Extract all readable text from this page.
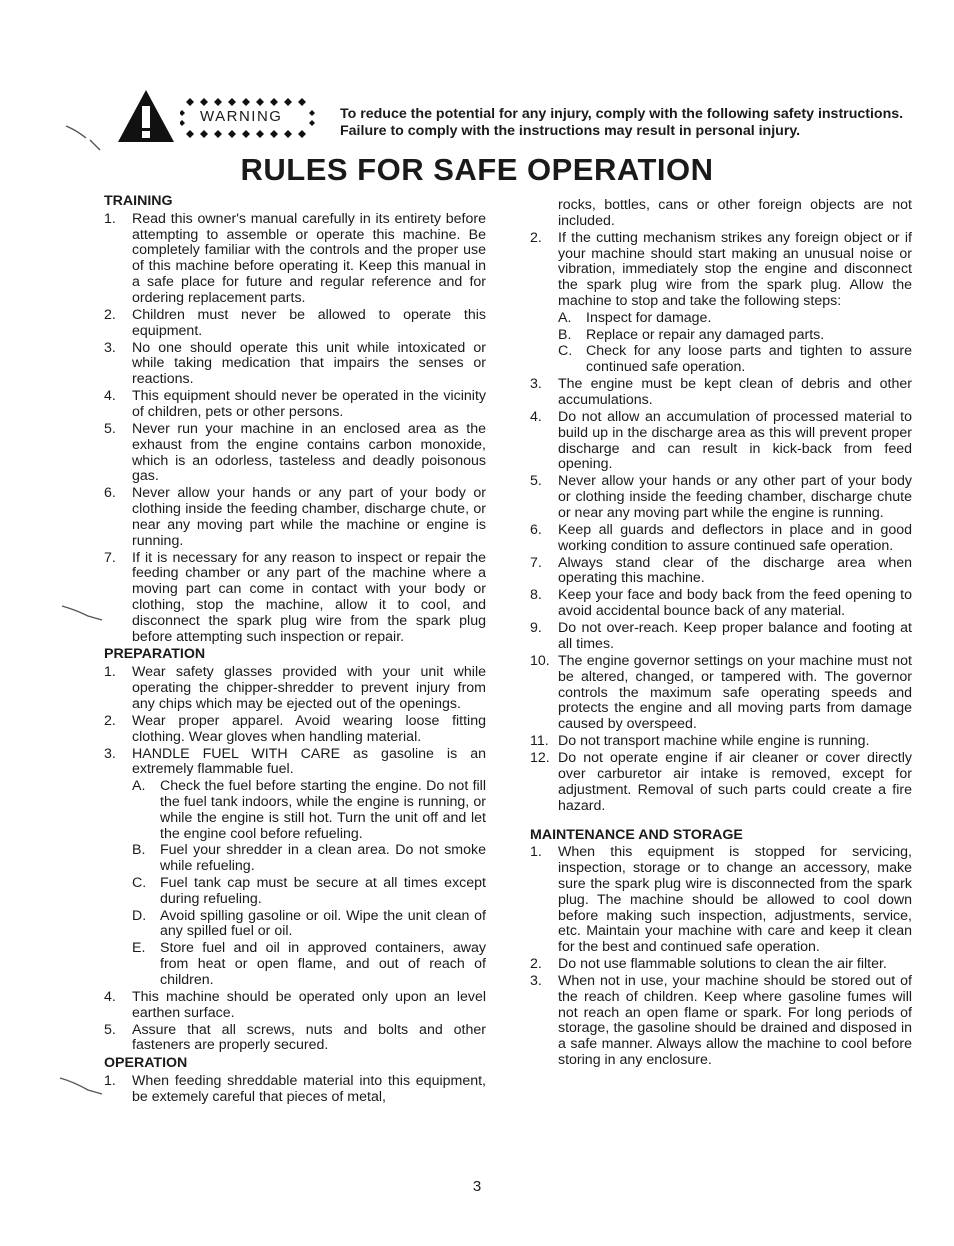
WARNING	To reduce the potential for any injury, comply with the following safety instructions. Failure to comply with the instructions may result in personal injury.
RULES FOR SAFE OPERATION
TRAINING
1.	Read this owner's manual carefully in its entirety before attempting to assemble or operate this machine. Be completely familiar with the controls and the proper use of this machine before operating it. Keep this manual in a safe place for future and regular reference and for ordering replacement parts.
2.	Children must never be allowed to operate this equipment.
3.	No one should operate this unit while intoxicated or while taking medication that impairs the senses or reactions.
4.	This equipment should never be operated in the vicinity of children, pets or other persons.
5.	Never run your machine in an enclosed area as the exhaust from the engine contains carbon monoxide, which is an odorless, tasteless and deadly poisonous gas.
6.	Never allow your hands or any part of your body or clothing inside the feeding chamber, discharge chute, or near any moving part while the machine or engine is running.
7.	If it is necessary for any reason to inspect or repair the feeding chamber or any part of the machine where a moving part can come in contact with your body or clothing, stop the machine, allow it to cool, and disconnect the spark plug wire from the spark plug before attempting such inspection or repair.
PREPARATION
1.	Wear safety glasses provided with your unit while operating the chipper-shredder to prevent injury from any chips which may be ejected out of the openings.
2.	Wear proper apparel. Avoid wearing loose fitting clothing. Wear gloves when handling material.
3.	HANDLE FUEL WITH CARE as gasoline is an extremely flammable fuel.
A.	Check the fuel before starting the engine. Do not fill the fuel tank indoors, while the engine is running, or while the engine is still hot. Turn the unit off and let the engine cool before refueling.
B.	Fuel your shredder in a clean area. Do not smoke while refueling.
C. Fuel tank cap must be secure at all times except during refueling.
D. Avoid spilling gasoline or oil. Wipe the unit clean of any spilled fuel or oil.
E.	Store fuel and oil in approved containers, away from heat or open flame, and out of reach of children.
4.	This machine should be operated only upon an level earthen surface.
5.	Assure that all screws, nuts and bolts and other fasteners are properly secured.
OPERATION
1.	When feeding shreddable material into this equipment, be extemely careful that pieces of metal,
rocks, bottles, cans or other foreign objects are not included.
2.	If the cutting mechanism strikes any foreign object or if your machine should start making an unusual noise or vibration, immediately stop the engine and disconnect the spark plug wire from the spark plug. Allow the machine to stop and take the following steps:
A.	Inspect for damage.
B.	Replace or repair any damaged parts.
C. Check for any loose parts and tighten to assure continued safe operation.
3.	The engine must be kept clean of debris and other accumulations.
4.	Do not allow an accumulation of processed material to build up in the discharge area as this will prevent proper discharge and can result in kick-back from feed opening.
5.	Never allow your hands or any other part of your body or clothing inside the feeding chamber, discharge chute or near any moving part while the engine is running.
6.	Keep all guards and deflectors in place and in good working condition to assure continued safe operation.
7.	Always stand clear of the discharge area when operating this machine.
8.	Keep your face and body back from the feed opening to avoid accidental bounce back of any material.
9.	Do not over-reach. Keep proper balance and footing at all times.
10. The engine governor settings on your machine must not be altered, changed, or tampered with. The governor controls the maximum safe operating speeds and protects the engine and all moving parts from damage caused by overspeed.
11. Do not transport machine while engine is running.
12. Do not operate engine if air cleaner or cover directly over carburetor air intake is removed, except for adjustment. Removal of such parts could create a fire hazard.
MAINTENANCE AND STORAGE
1.	When this equipment is stopped for servicing, inspection, storage or to change an accessory, make sure the spark plug wire is disconnected from the spark plug. The machine should be allowed to cool down before making such inspection, adjustments, service, etc. Maintain your machine with care and keep it clean for the best and continued safe operation.
2.	Do not use flammable solutions to clean the air filter.
3.	When not in use, your machine should be stored out of the reach of children. Keep where gasoline fumes will not reach an open flame or spark. For long periods of storage, the gasoline should be drained and disposed in a safe manner. Always allow the machine to cool before storing in any enclosure.
3
